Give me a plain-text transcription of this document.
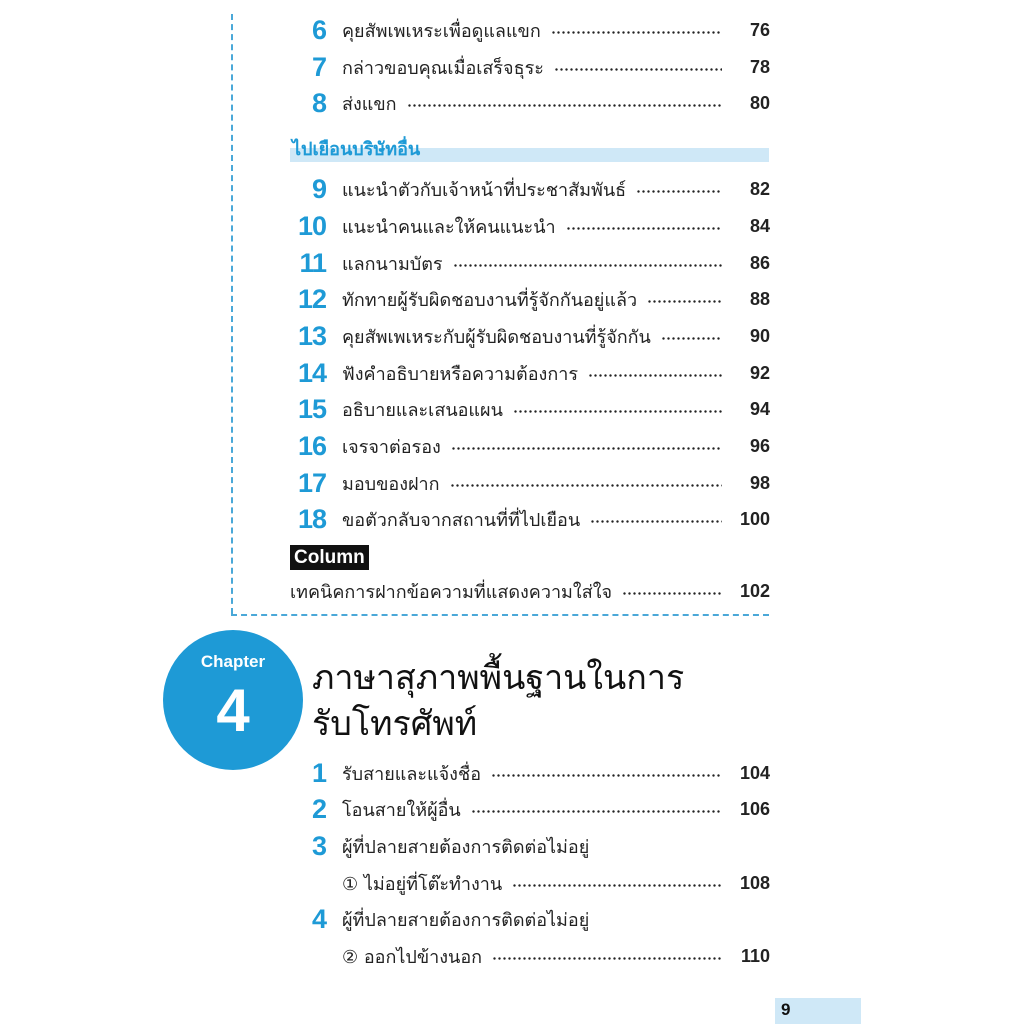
6 คุยสัพเพเหระเพื่อดูแลแขก	76
7 กล่าวขอบคุณเมื่อเสร็จธุระ	78
8 ส่งแขก	80
ไปเยือนบริษัทอื่น
9 แนะนำตัวกับเจ้าหน้าที่ประชาสัมพันธ์	82
10 แนะนำคนและให้คนแนะนำ	84
11 แลกนามบัตร	86
12 ทักทายผู้รับผิดชอบงานที่รู้จักกันอยู่แล้ว	88
13 คุยสัพเพเหระกับผู้รับผิดชอบงานที่รู้จักกัน	90
14 ฟังคำอธิบายหรือความต้องการ	92
15 อธิบายและเสนอแผน	94
16 เจรจาต่อรอง	96
17 มอบของฝาก	98
18 ขอตัวกลับจากสถานที่ที่ไปเยือน	100
Column
เทคนิคการฝากข้อความที่แสดงความใส่ใจ	102
Chapter
4	ภาษาสุภาพพื้นฐานในการ
รับโทรศัพท์
1 รับสายและแจ้งชื่อ	104
2 โอนสายให้ผู้อื่น	106
3 ผู้ที่ปลายสายต้องการติดต่อไม่อยู่
① ไม่อยู่ที่โต๊ะทำงาน	108
4 ผู้ที่ปลายสายต้องการติดต่อไม่อยู่
② ออกไปข้างนอก	110
9
